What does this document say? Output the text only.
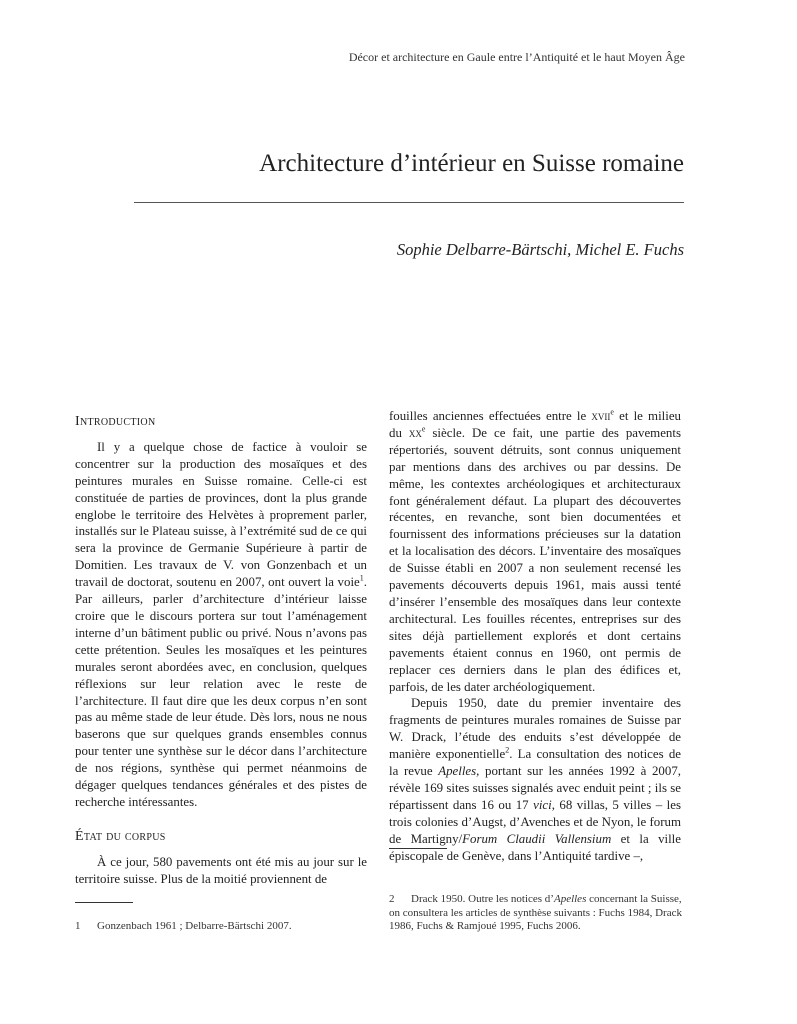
Décor et architecture en Gaule entre l’Antiquité et le haut Moyen Âge
Architecture d’intérieur en Suisse romaine
Sophie Delbarre-Bärtschi, Michel E. Fuchs
Introduction

Il y a quelque chose de factice à vouloir se concentrer sur la production des mosaïques et des peintures murales en Suisse romaine. Celle-ci est constituée de parties de provinces, dont la plus grande englobe le territoire des Helvètes à proprement parler, installés sur le Plateau suisse, à l’extrémité sud de ce qui sera la province de Germanie Supérieure à partir de Domitien. Les travaux de V. von Gonzenbach et un travail de doctorat, soutenu en 2007, ont ouvert la voie$^1$. Par ailleurs, parler d’architecture d’intérieur laisse croire que le discours portera sur tout l’aménagement interne d’un bâtiment public ou privé. Nous n’avons pas cette prétention. Seules les mosaïques et les peintures murales seront abordées avec, en conclusion, quelques réflexions sur leur relation avec le reste de l’architecture. Il faut dire que les deux corpus n’en sont pas au même stade de leur étude. Dès lors, nous ne nous baserons que sur quelques grands ensembles connus pour tenter une synthèse sur le décor dans l’architecture de nos régions, synthèse qui permet néanmoins de dégager quelques tendances générales et des pistes de recherche intéressantes.

État du corpus

À ce jour, 580 pavements ont été mis au jour sur le territoire suisse. Plus de la moitié proviennent de

fouilles anciennes effectuées entre le xvii$^e$ et le milieu du $xx^e$ siècle. De ce fait, une partie des pavements répertoriés, souvent détruits, sont connus uniquement par mentions dans des archives ou par dessins. De même, les contextes archéologiques et architecturaux font généralement défaut. La plupart des découvertes récentes, en revanche, sont bien documentées et fournissent des informations précieuses sur la datation et la localisation des décors. L’inventaire des mosaïques de Suisse établi en 2007 a non seulement recensé les pavements découverts depuis 1961, mais aussi tenté d’insérer l’ensemble des mosaïques dans leur contexte architectural. Les fouilles récentes, entreprises sur des sites déjà partiellement explorés et dont certains pavements étaient connus en 1960, ont permis de replacer ces derniers dans le plan des édifices et, parfois, de les dater archéologiquement.

Depuis 1950, date du premier inventaire des fragments de peintures murales romaines de Suisse par W. Drack, l’étude des enduits s’est développée de manière exponentielle$^2$. La consultation des notices de la revue Apelles, portant sur les années 1992 à 2007, révèle 169 sites suisses signalés avec enduit peint ; ils se répartissent dans 16 ou 17 vici, 68 villas, 5 villes – les trois colonies d’Augst, d’Avenches et de Nyon, le forum de Martigny/Forum Claudii Vallensium et la ville épiscopale de Genève, dans l’Antiquité tardive –,

2 Drack 1950. Outre les notices d’Apelles concernant la Suisse, on consultera les articles de synthèse suivants : Fuchs 1984, Drack 1986, Fuchs & Ramjoué 1995, Fuchs 2006.
1 Gonzenbach 1961 ; Delbarre-Bärtschi 2007.
